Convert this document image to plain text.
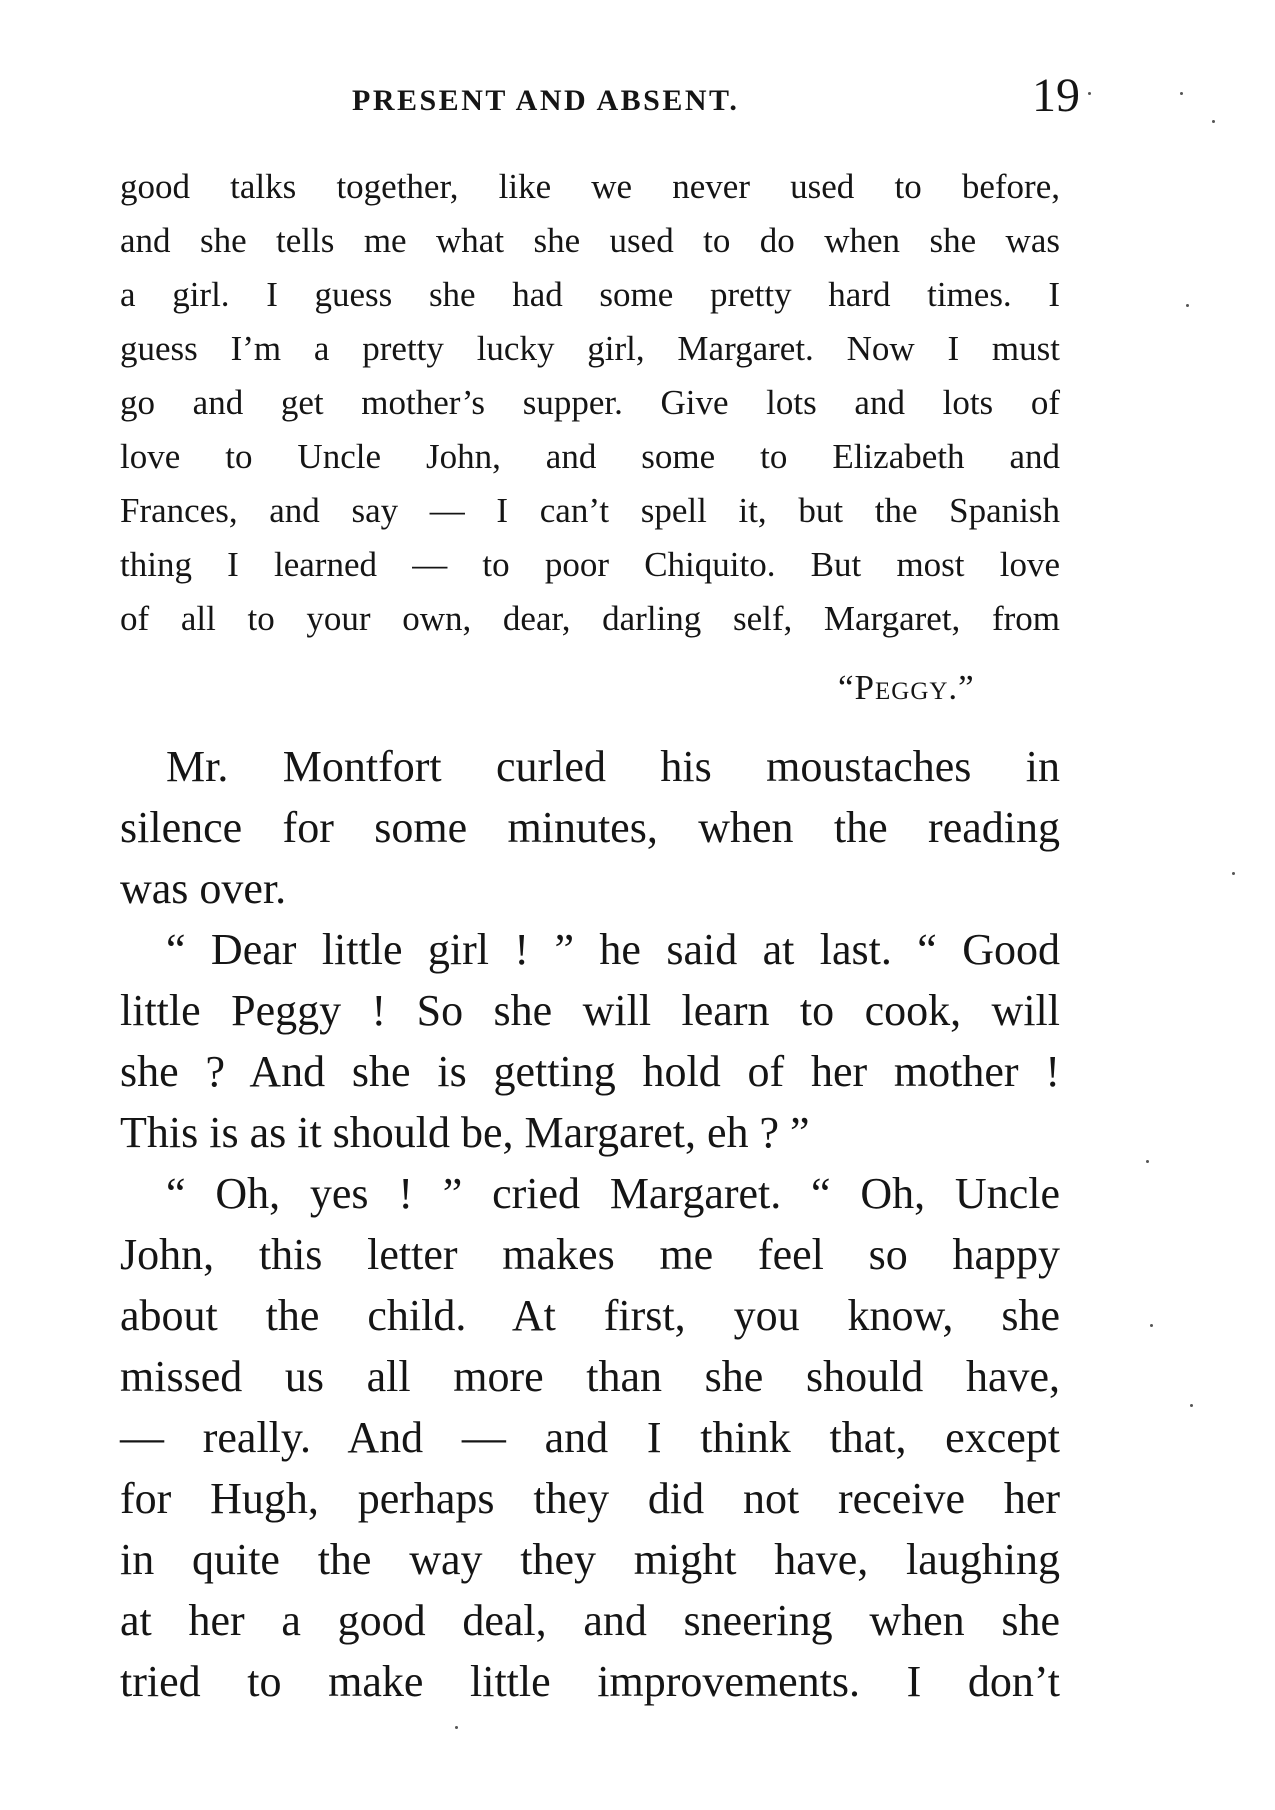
PRESENT AND ABSENT.	19
good talks together, like we never used to before,
and she tells me what she used to do when she was
a girl. I guess she had some pretty hard times. I
guess I’m a pretty lucky girl, Margaret. Now I must
go and get mother’s supper. Give lots and lots of
love to Uncle John, and some to Elizabeth and
Frances, and say — I can’t spell it, but the Spanish
thing I learned — to poor Chiquito. But most love
of all to your own, dear, darling self, Margaret, from
“Peggy.”
Mr. Montfort curled his moustaches in
silence for some minutes, when the reading
was over.
“ Dear little girl ! ” he said at last. “ Good
little Peggy ! So she will learn to cook, will
she ? And she is getting hold of her mother !
This is as it should be, Margaret, eh ? ”
“ Oh, yes ! ” cried Margaret. “ Oh, Uncle
John, this letter makes me feel so happy
about the child. At first, you know, she
missed us all more than she should have,
— really. And — and I think that, except
for Hugh, perhaps they did not receive her
in quite the way they might have, laughing
at her a good deal, and sneering when she
tried to make little improvements. I don’t
